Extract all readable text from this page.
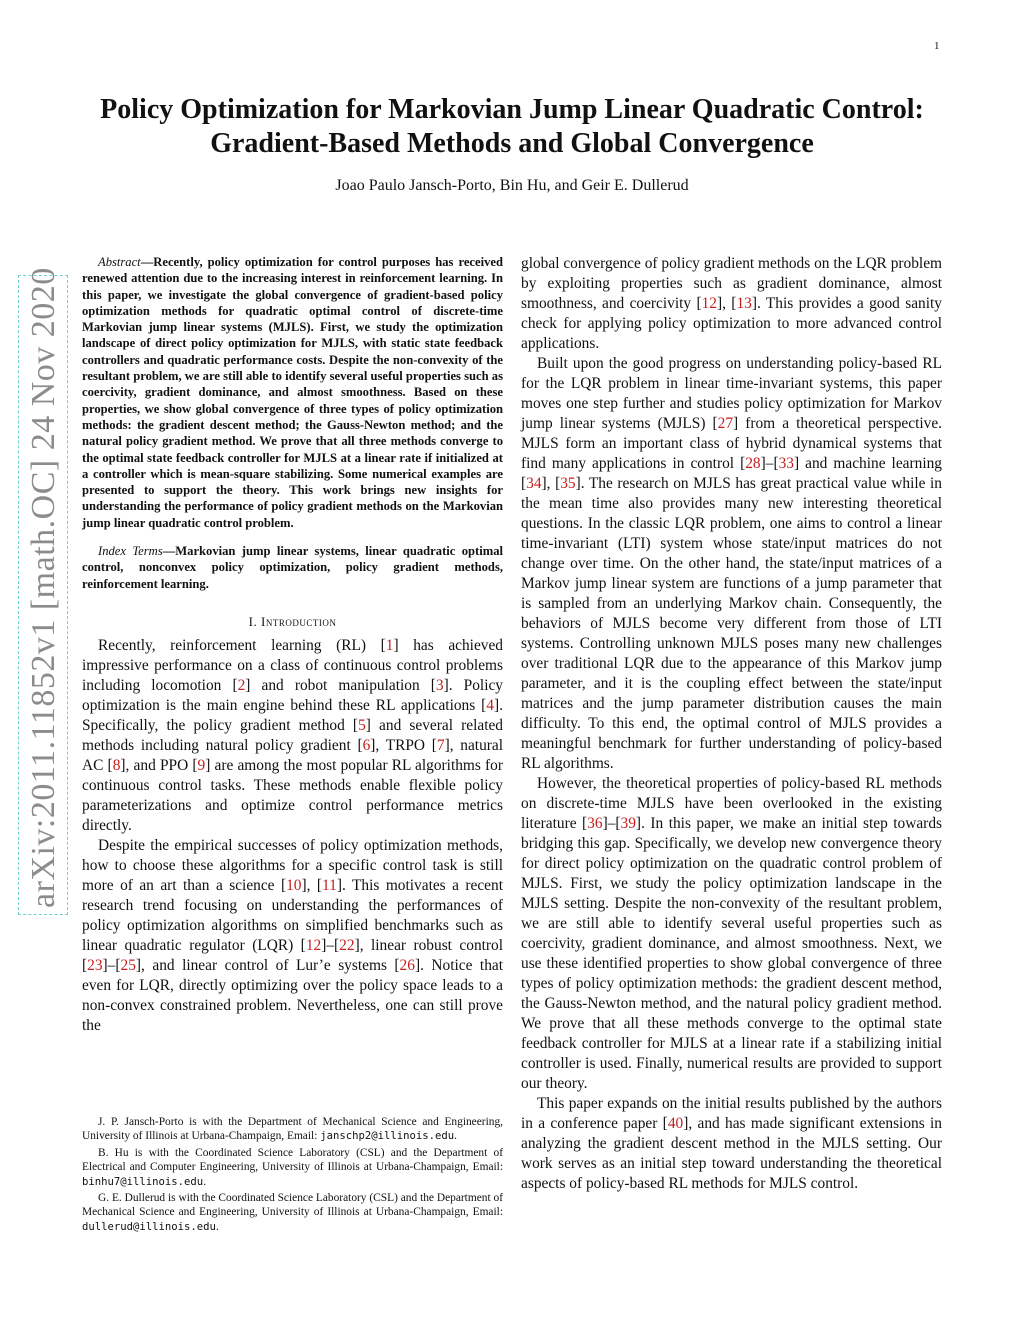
1
arXiv:2011.11852v1 [math.OC] 24 Nov 2020
Policy Optimization for Markovian Jump Linear Quadratic Control:
Gradient-Based Methods and Global Convergence
Joao Paulo Jansch-Porto, Bin Hu, and Geir E. Dullerud

Abstract—Recently, policy optimization for control purposes has received renewed attention due to the increasing interest in reinforcement learning. In this paper, we investigate the global convergence of gradient-based policy optimization methods for quadratic optimal control of discrete-time Markovian jump linear systems (MJLS). First, we study the optimization landscape of direct policy optimization for MJLS, with static state feedback controllers and quadratic performance costs. Despite the non-convexity of the resultant problem, we are still able to identify several useful properties such as coercivity, gradient dominance, and almost smoothness. Based on these properties, we show global convergence of three types of policy optimization methods: the gradient descent method; the Gauss-Newton method; and the natural policy gradient method. We prove that all three methods converge to the optimal state feedback controller for MJLS at a linear rate if initialized at a controller which is mean-square stabilizing. Some numerical examples are presented to support the theory. This work brings new insights for understanding the performance of policy gradient methods on the Markovian jump linear quadratic control problem.

Index Terms—Markovian jump linear systems, linear quadratic optimal control, nonconvex policy optimization, policy gradient methods, reinforcement learning.

I. Introduction

Recently, reinforcement learning (RL) [1] has achieved impressive performance on a class of continuous control problems including locomotion [2] and robot manipulation [3]. Policy optimization is the main engine behind these RL applications [4]. Specifically, the policy gradient method [5] and several related methods including natural policy gradient [6], TRPO [7], natural AC [8], and PPO [9] are among the most popular RL algorithms for continuous control tasks. These methods enable flexible policy parameterizations and optimize control performance metrics directly.

Despite the empirical successes of policy optimization methods, how to choose these algorithms for a specific control task is still more of an art than a science [10], [11]. This motivates a recent research trend focusing on understanding the performances of policy optimization algorithms on simplified benchmarks such as linear quadratic regulator (LQR) [12]–[22], linear robust control [23]–[25], and linear control of Lur’e systems [26]. Notice that even for LQR, directly optimizing over the policy space leads to a non-convex constrained problem. Nevertheless, one can still prove the

J. P. Jansch-Porto is with the Department of Mechanical Science and Engineering, University of Illinois at Urbana-Champaign, Email: janschp2@illinois.edu.

B. Hu is with the Coordinated Science Laboratory (CSL) and the Department of Electrical and Computer Engineering, University of Illinois at Urbana-Champaign, Email: binhu7@illinois.edu.

G. E. Dullerud is with the Coordinated Science Laboratory (CSL) and the Department of Mechanical Science and Engineering, University of Illinois at Urbana-Champaign, Email: dullerud@illinois.edu.

global convergence of policy gradient methods on the LQR problem by exploiting properties such as gradient dominance, almost smoothness, and coercivity [12], [13]. This provides a good sanity check for applying policy optimization to more advanced control applications.

Built upon the good progress on understanding policy-based RL for the LQR problem in linear time-invariant systems, this paper moves one step further and studies policy optimization for Markov jump linear systems (MJLS) [27] from a theoretical perspective. MJLS form an important class of hybrid dynamical systems that find many applications in control [28]–[33] and machine learning [34], [35]. The research on MJLS has great practical value while in the mean time also provides many new interesting theoretical questions. In the classic LQR problem, one aims to control a linear time-invariant (LTI) system whose state/input matrices do not change over time. On the other hand, the state/input matrices of a Markov jump linear system are functions of a jump parameter that is sampled from an underlying Markov chain. Consequently, the behaviors of MJLS become very different from those of LTI systems. Controlling unknown MJLS poses many new challenges over traditional LQR due to the appearance of this Markov jump parameter, and it is the coupling effect between the state/input matrices and the jump parameter distribution causes the main difficulty. To this end, the optimal control of MJLS provides a meaningful benchmark for further understanding of policy-based RL algorithms.

However, the theoretical properties of policy-based RL methods on discrete-time MJLS have been overlooked in the existing literature [36]–[39]. In this paper, we make an initial step towards bridging this gap. Specifically, we develop new convergence theory for direct policy optimization on the quadratic control problem of MJLS. First, we study the policy optimization landscape in the MJLS setting. Despite the non-convexity of the resultant problem, we are still able to identify several useful properties such as coercivity, gradient dominance, and almost smoothness. Next, we use these identified properties to show global convergence of three types of policy optimization methods: the gradient descent method, the Gauss-Newton method, and the natural policy gradient method. We prove that all these methods converge to the optimal state feedback controller for MJLS at a linear rate if a stabilizing initial controller is used. Finally, numerical results are provided to support our theory.

This paper expands on the initial results published by the authors in a conference paper [40], and has made significant extensions in analyzing the gradient descent method in the MJLS setting. Our work serves as an initial step toward understanding the theoretical aspects of policy-based RL methods for MJLS control.
